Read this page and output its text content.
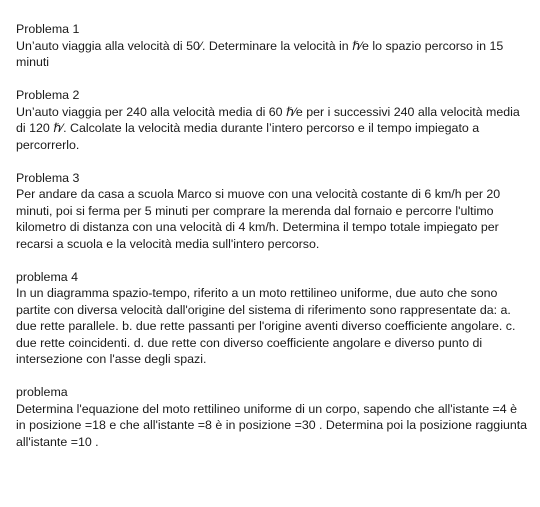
Problema 1

Un’auto viaggia alla velocità di 50⁄. Determinare la velocità in ℏ⁄e lo spazio percorso in 15 minuti

Problema 2

Un’auto viaggia per 240 alla velocità media di 60 ℏ⁄e per i successivi 240 alla velocità media di 120 ℏ⁄. Calcolate la velocità media durante l’intero percorso e il tempo impiegato a percorrerlo.

Problema 3

Per andare da casa a scuola Marco si muove con una velocità costante di 6 km/h per 20 minuti, poi si ferma per 5 minuti per comprare la merenda dal fornaio e percorre l'ultimo kilometro di distanza con una velocità di 4 km/h. Determina il tempo totale impiegato per recarsi a scuola e la velocità media sull'intero percorso.

problema 4

In un diagramma spazio-tempo, riferito a un moto rettilineo uniforme, due auto che sono partite con diversa velocità dall'origine del sistema di riferimento sono rappresentate da: a. due rette parallele. b. due rette passanti per l'origine aventi diverso coefficiente angolare. c. due rette coincidenti. d. due rette con diverso coefficiente angolare e diverso punto di intersezione con l'asse degli spazi.

problema

Determina l'equazione del moto rettilineo uniforme di un corpo, sapendo che all'istante =4 è in posizione =18 e che all'istante =8 è in posizione =30 . Determina poi la posizione raggiunta all'istante =10 .
